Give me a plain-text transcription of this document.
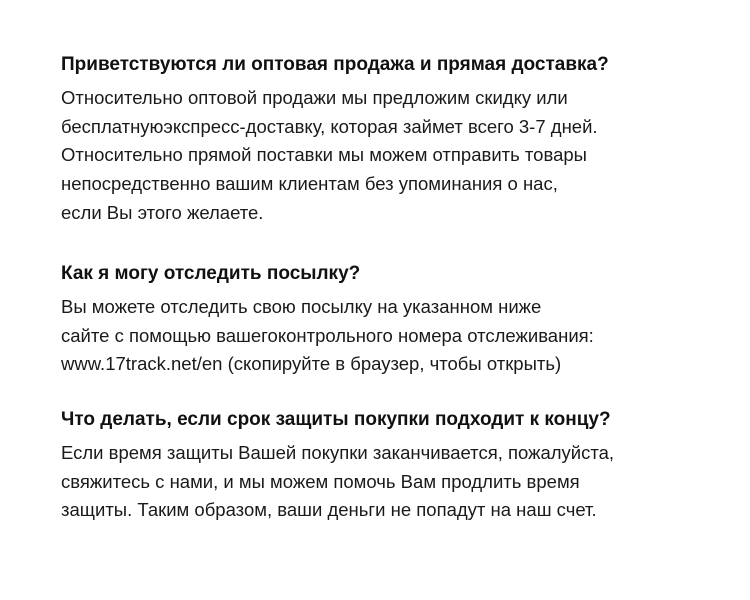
Приветствуются ли оптовая продажа и прямая доставка?

Относительно оптовой продажи мы предложим скидку или
бесплатнуюэкспресс-доставку, которая займет всего 3-7 дней.
Относительно прямой поставки мы можем отправить товары
непосредственно вашим клиентам без упоминания о нас,
если Вы этого желаете.

Как я могу отследить посылку?

Вы можете отследить свою посылку на указанном ниже
сайте с помощью вашегоконтрольного номера отслеживания:
www.17track.net/en (скопируйте в браузер, чтобы открыть)

Что делать, если срок защиты покупки подходит к концу?

Если время защиты Вашей покупки заканчивается, пожалуйста,
свяжитесь с нами, и мы можем помочь Вам продлить время
защиты. Таким образом, ваши деньги не попадут на наш счет.
